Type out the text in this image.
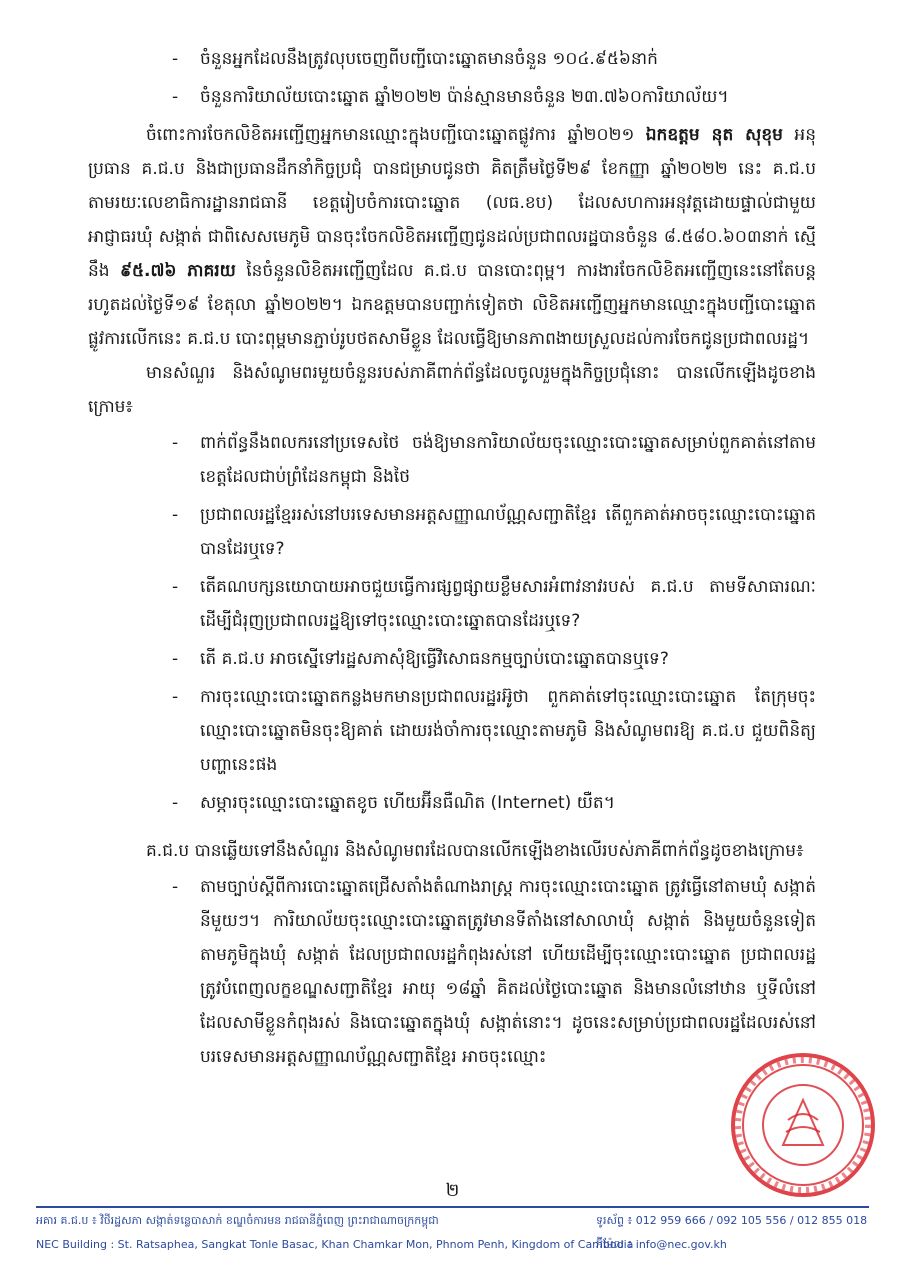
- ចំនួនអ្នកដែលនឹងត្រូវលុបចេញពីបញ្ជីបោះឆ្នោតមានចំនួន ១០៤.៩៥៦នាក់
- ចំនួនការិយាល័យបោះឆ្នោត ឆ្នាំ២០២២ ប៉ាន់ស្មានមានចំនួន ២៣.៧៦០ការិយាល័យ។

ចំពោះការចែកលិខិតអញ្ជើញអ្នកមានឈ្មោះក្នុងបញ្ជីបោះឆ្នោតផ្លូវការ ឆ្នាំ២០២១ ឯកឧត្តម នុត សុខុម អនុប្រធាន គ.ជ.ប និងជាប្រធានដឹកនាំកិច្ចប្រជុំ បានជម្រាបជូនថា គិតត្រឹមថ្ងៃទី២៩ ខែកញ្ញា ឆ្នាំ២០២២ នេះ គ.ជ.ប តាមរយៈលេខាធិការដ្ឋានរាជធានី ខេត្តរៀបចំការបោះឆ្នោត (លធ.ខប) ដែលសហការអនុវត្តដោយផ្ទាល់ជាមួយអាជ្ញាធរឃុំ សង្កាត់ ជាពិសេសមេភូមិ បានចុះចែកលិខិតអញ្ជើញជូនដល់ប្រជាពលរដ្ឋបានចំនួន ៨.៥៨០.៦០៣នាក់ ស្មើនឹង ៩៥.៧៦ ភាគរយ នៃចំនួនលិខិតអញ្ជើញដែល គ.ជ.ប បានបោះពុម្ព។ ការងារចែកលិខិតអញ្ជើញនេះនៅតែបន្តរហូតដល់ថ្ងៃទី១៩ ខែតុលា ឆ្នាំ២០២២។ ឯកឧត្តមបានបញ្ជាក់ទៀតថា លិខិតអញ្ជើញអ្នកមានឈ្មោះក្នុងបញ្ជីបោះឆ្នោតផ្លូវការលើកនេះ គ.ជ.ប បោះពុម្ពមានភ្ជាប់រូបថតសាមីខ្លួន ដែលធ្វើឱ្យមានភាពងាយស្រួលដល់ការចែកជូនប្រជាពលរដ្ឋ។

មានសំណួរ និងសំណូមពរមួយចំនួនរបស់ភាគីពាក់ព័ន្ធដែលចូលរួមក្នុងកិច្ចប្រជុំនោះ បានលើកឡើងដូចខាងក្រោម៖

- ពាក់ព័ន្ធនឹងពលករនៅប្រទេសថៃ ចង់ឱ្យមានការិយាល័យចុះឈ្មោះបោះឆ្នោតសម្រាប់ពួកគាត់នៅតាមខេត្តដែលជាប់ព្រំដែនកម្ពុជា និងថៃ
- ប្រជាពលរដ្ឋខ្មែររស់នៅបរទេសមានអត្តសញ្ញាណប័ណ្ណសញ្ជាតិខ្មែរ តើពួកគាត់អាចចុះឈ្មោះបោះឆ្នោតបានដែរឬទេ?
- តើគណបក្សនយោបាយអាចជួយធ្វើការផ្សព្វផ្សាយខ្លឹមសារអំពាវនាវរបស់ គ.ជ.ប តាមទីសាធារណៈ ដើម្បីជំរុញប្រជាពលរដ្ឋឱ្យទៅចុះឈ្មោះបោះឆ្នោតបានដែរឬទេ?
- តើ គ.ជ.ប អាចស្នើទៅរដ្ឋសភាសុំឱ្យធ្វើវិសោធនកម្មច្បាប់បោះឆ្នោតបានឬទេ?
- ការចុះឈ្មោះបោះឆ្នោតកន្លងមកមានប្រជាពលរដ្ឋរអ៊ូថា ពួកគាត់ទៅចុះឈ្មោះបោះឆ្នោត តែក្រុមចុះឈ្មោះបោះឆ្នោតមិនចុះឱ្យគាត់ ដោយរង់ចាំការចុះឈ្មោះតាមភូមិ និងសំណូមពរឱ្យ គ.ជ.ប ជួយពិនិត្យបញ្ហានេះផង
- សម្ភារចុះឈ្មោះបោះឆ្នោតខូច ហើយអ៊ីនធឺណិត (Internet) យឺត។

គ.ជ.ប បានឆ្លើយទៅនឹងសំណួរ និងសំណូមពរដែលបានលើកឡើងខាងលើរបស់ភាគីពាក់ព័ន្ធដូចខាងក្រោម៖

- តាមច្បាប់ស្តីពីការបោះឆ្នោតជ្រើសតាំងតំណាងរាស្ត្រ ការចុះឈ្មោះបោះឆ្នោត ត្រូវធ្វើនៅតាមឃុំ សង្កាត់នីមួយៗ។ ការិយាល័យចុះឈ្មោះបោះឆ្នោតត្រូវមានទីតាំងនៅសាលាឃុំ សង្កាត់ និងមួយចំនួនទៀតតាមភូមិក្នុងឃុំ សង្កាត់ ដែលប្រជាពលរដ្ឋកំពុងរស់នៅ ហើយដើម្បីចុះឈ្មោះបោះឆ្នោត ប្រជាពលរដ្ឋត្រូវបំពេញលក្ខខណ្ឌសញ្ជាតិខ្មែរ អាយុ ១៨ឆ្នាំ គិតដល់ថ្ងៃបោះឆ្នោត និងមានលំនៅឋាន ឬទីលំនៅដែលសាមីខ្លួនកំពុងរស់ និងបោះឆ្នោតក្នុងឃុំ សង្កាត់នោះ។ ដូចនេះសម្រាប់ប្រជាពលរដ្ឋដែលរស់នៅបរទេសមានអត្តសញ្ញាណប័ណ្ណសញ្ជាតិខ្មែរ អាចចុះឈ្មោះ
២
អគារ គ.ជ.ប ៖ វិថីរដ្ឋសភា សង្កាត់ទន្លេបាសាក់ ខណ្ឌចំការមន រាជធានីភ្នំពេញ ព្រះរាជាណាចក្រកម្ពុជា
NEC Building : St. Ratsaphea, Sangkat Tonle Basac, Khan Chamkar Mon, Phnom Penh, Kingdom of Cambodia
ទូរស័ព្ទ ៖ 012 959 666 / 092 105 556 / 012 855 018
អ៊ីម៉ែល ៖ info@nec.gov.kh
